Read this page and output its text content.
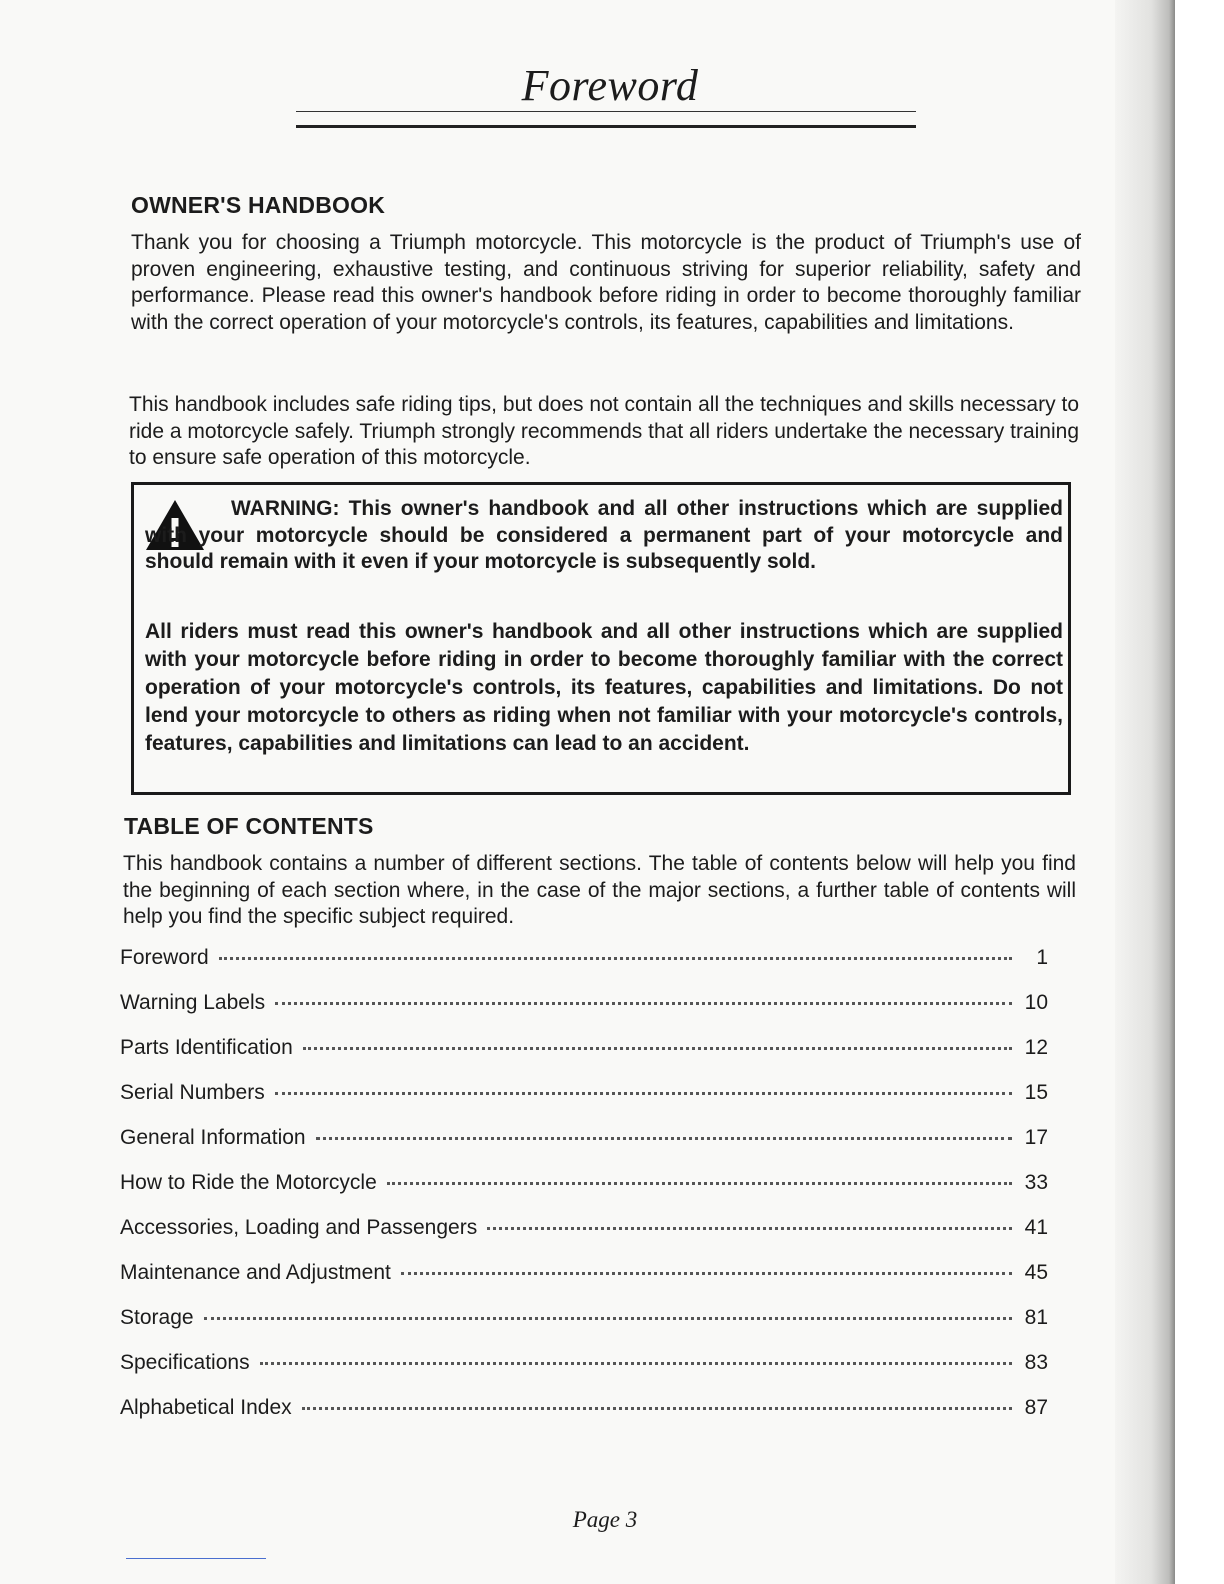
Foreword
OWNER'S HANDBOOK
Thank you for choosing a Triumph motorcycle. This motorcycle is the product of Triumph's use of proven engineering, exhaustive testing, and continuous striving for superior reliability, safety and performance. Please read this owner's handbook before riding in order to become thoroughly familiar with the correct operation of your motorcycle's controls, its features, capabilities and limitations.
This handbook includes safe riding tips, but does not contain all the techniques and skills necessary to ride a motorcycle safely. Triumph strongly recommends that all riders undertake the necessary training to ensure safe operation of this motorcycle.
WARNING: This owner's handbook and all other instructions which are supplied with your motorcycle should be considered a permanent part of your motorcycle and should remain with it even if your motorcycle is subsequently sold.
All riders must read this owner's handbook and all other instructions which are supplied with your motorcycle before riding in order to become thoroughly familiar with the correct operation of your motorcycle's controls, its features, capabilities and limitations. Do not lend your motorcycle to others as riding when not familiar with your motorcycle's controls, features, capabilities and limitations can lead to an accident.
TABLE OF CONTENTS
This handbook contains a number of different sections. The table of contents below will help you find the beginning of each section where, in the case of the major sections, a further table of contents will help you find the specific subject required.
Foreword	1
Warning Labels	10
Parts Identification	12
Serial Numbers	15
General Information	17
How to Ride the Motorcycle	33
Accessories, Loading and Passengers	41
Maintenance and Adjustment	45
Storage	81
Specifications	83
Alphabetical Index	87
Page 3
